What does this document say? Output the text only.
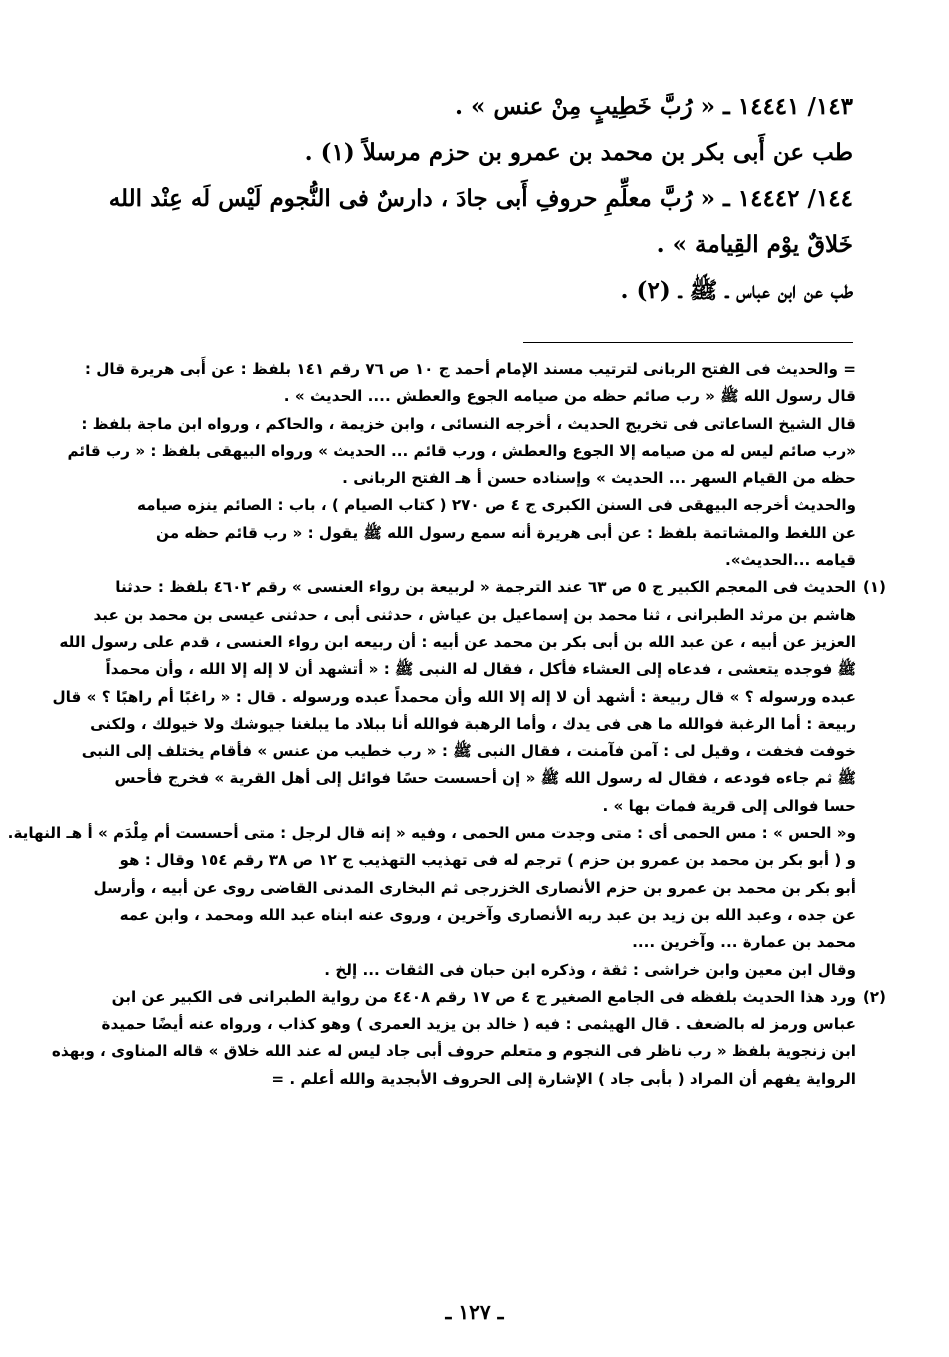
١٤٣/ ١٤٤٤١ ـ « رُبَّ خَطِيبٍ مِنْ عنس » .

طب عن أَبى بكر بن محمد بن عمرو بن حزم مرسلاً (١) .

١٤٤/ ١٤٤٤٢ ـ « رُبَّ معلِّمِ حروفِ أَبى جادَ ، دارسٌ فى النُّجوم لَيْس لَه عِنْد الله

خَلاقٌ يوْم القِيامة » .

طب عن ابن عباس ـ ﷺ ـ (٢) .

= والحديث فى الفتح الربانى لترتيب مسند الإمام أحمد ج ١٠ ص ٧٦ رقم ١٤١ بلفظ : عن أَبى هريرة قال :
قال رسول الله ﷺ « رب صائم حظه من صيامه الجوع والعطش .... الحديث » .
قال الشيخ الساعاتى فى تخريج الحديث ، أخرجه النسائى ، وابن خزيمة ، والحاكم ، ورواه ابن ماجة بلفظ :
«رب صائم ليس له من صيامه إلا الجوع والعطش ، ورب قائم ... الحديث » ورواه البيهقى بلفظ : « رب قائم
حظه من القيام السهر ... الحديث » وإسناده حسن أ هـ الفتح الربانى .
والحديث أخرجه البيهقى فى السنن الكبرى ج ٤ ص ٢٧٠ ( كتاب الصيام ) ، باب : الصائم ينزه صيامه
عن اللغط والمشاتمة بلفظ : عن أبى هريرة أنه سمع رسول الله ﷺ يقول : « رب قائم حظه من
قيامه ...الحديث».
(١)
الحديث فى المعجم الكبير ج ٥ ص ٦٣ عند الترجمة « لربيعة بن رواء العنسى » رقم ٤٦٠٢ بلفظ : حدثنا
هاشم بن مرثد الطبرانى ، ثنا محمد بن إسماعيل بن عياش ، حدثنى أبى ، حدثنى عيسى بن محمد بن عبد
العزيز عن أبيه ، عن عبد الله بن أبى بكر بن محمد عن أبيه : أن ربيعه ابن رواء العنسى ، قدم على رسول الله
ﷺ فوجده يتعشى ، فدعاه إلى العشاء فأكل ، فقال له النبى ﷺ : « أتشهد أن لا إله إلا الله ، وأن محمداً
عبده ورسوله ؟ » قال ربيعة : أشهد أن لا إله إلا الله وأن محمداً عبده ورسوله . قال : « راغبًا أم راهبًا ؟ » قال
ربيعة : أما الرغبة فوالله ما هى فى يدك ، وأما الرهبة فوالله أنا ببلاد ما يبلغنا جيوشك ولا خيولك ، ولكنى
خوفت فخفت ، وقيل لى : آمن فآمنت ، فقال النبى ﷺ : « رب خطيب من عنس » فأقام يختلف إلى النبى
ﷺ ثم جاءه فودعه ، فقال له رسول الله ﷺ « إن أحسست حسًا فوائل إلى أهل القرية » فخرج فأحس
حسا فوالى إلى قرية فمات بها » .
و« الحس » : مس الحمى أى : متى وجدت مس الحمى ، وفيه « إنه قال لرجل : متى أحسست أم مِلْدَم » أ هـ النهاية.
و ( أبو بكر بن محمد بن عمرو بن حزم ) ترجم له فى تهذيب التهذيب ج ١٢ ص ٣٨ رقم ١٥٤ وقال : هو
أبو بكر بن محمد بن عمرو بن حزم الأنصارى الخزرجى ثم البخارى المدنى القاضى روى عن أبيه ، وأرسل
عن جده ، وعبد الله بن زيد بن عبد ربه الأنصارى وآخرين ، وروى عنه ابناه عبد الله ومحمد ، وابن عمه
محمد بن عمارة ... وآخرين ....
وقال ابن معين وابن خراشى : ثقة ، وذكره ابن حبان فى الثقات ... إلخ .
(٢)
ورد هذا الحديث بلفظه فى الجامع الصغير ج ٤ ص ١٧ رقم ٤٤٠٨ من رواية الطبرانى فى الكبير عن ابن
عباس ورمز له بالضعف . قال الهيثمى : فيه ( خالد بن يزيد العمرى ) وهو كذاب ، ورواه عنه أيضًا حميدة
ابن زنجوية بلفظ « رب ناظر فى النجوم و متعلم حروف أبى جاد ليس له عند الله خلاق » قاله المناوى ، وبهذه
الرواية يفهم أن المراد ( بأبى جاد ) الإشارة إلى الحروف الأبجدية والله أعلم . =
ـ ١٢٧ ـ
